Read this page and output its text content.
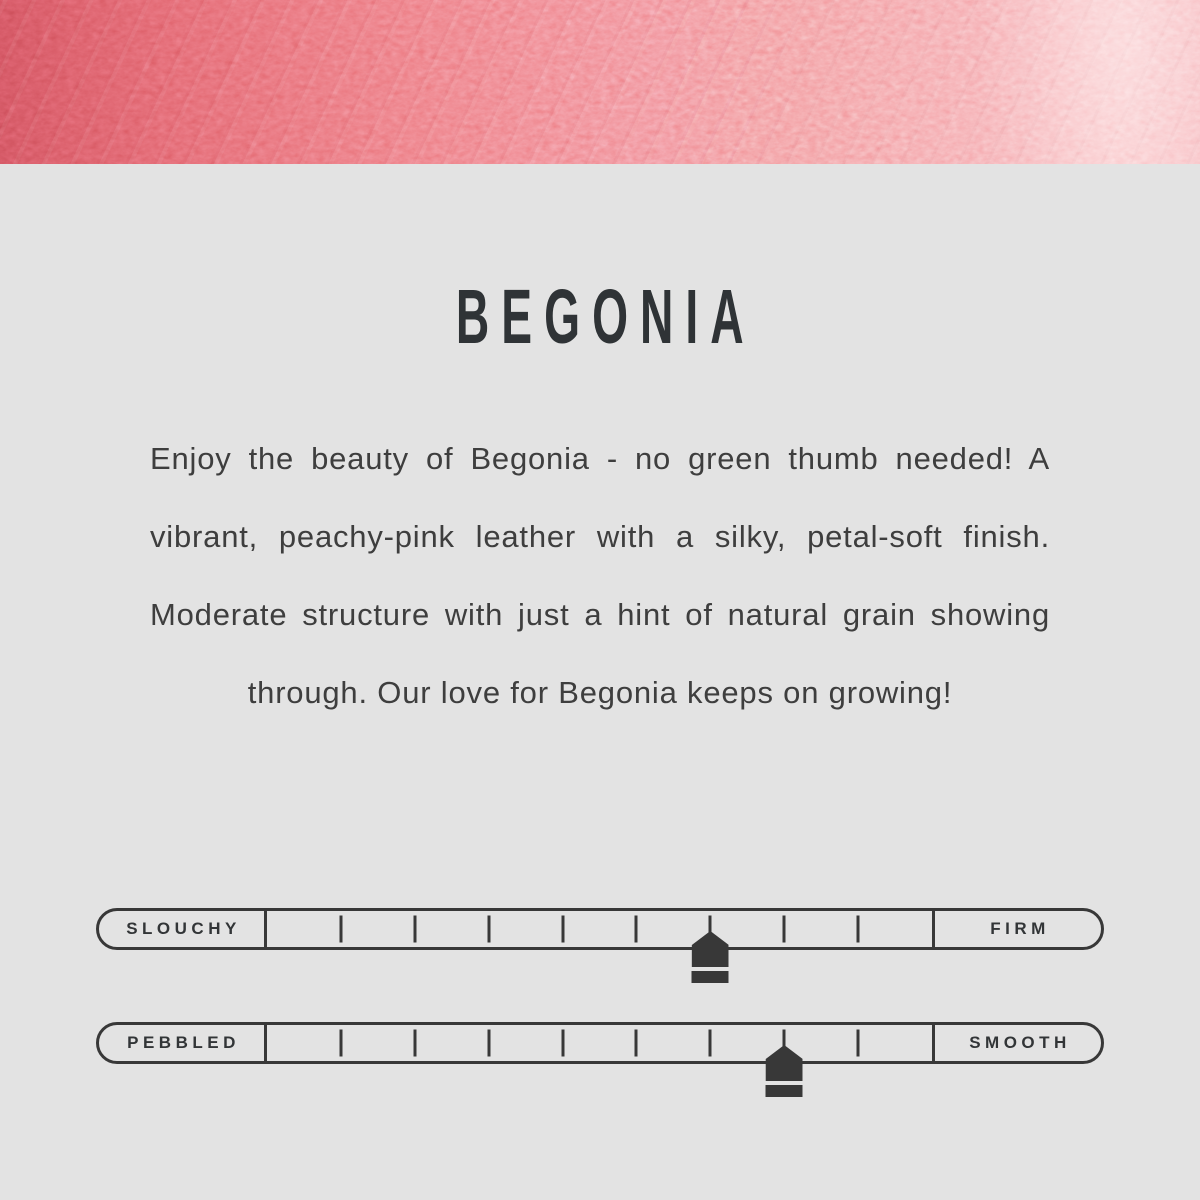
BEGONIA
Enjoy the beauty of Begonia - no green thumb needed! A
vibrant, peachy-pink leather with a silky, petal-soft finish.
Moderate structure with just a hint of natural grain showing
through. Our love for Begonia keeps on growing!
SLOUCHY	FIRM
PEBBLED	SMOOTH
